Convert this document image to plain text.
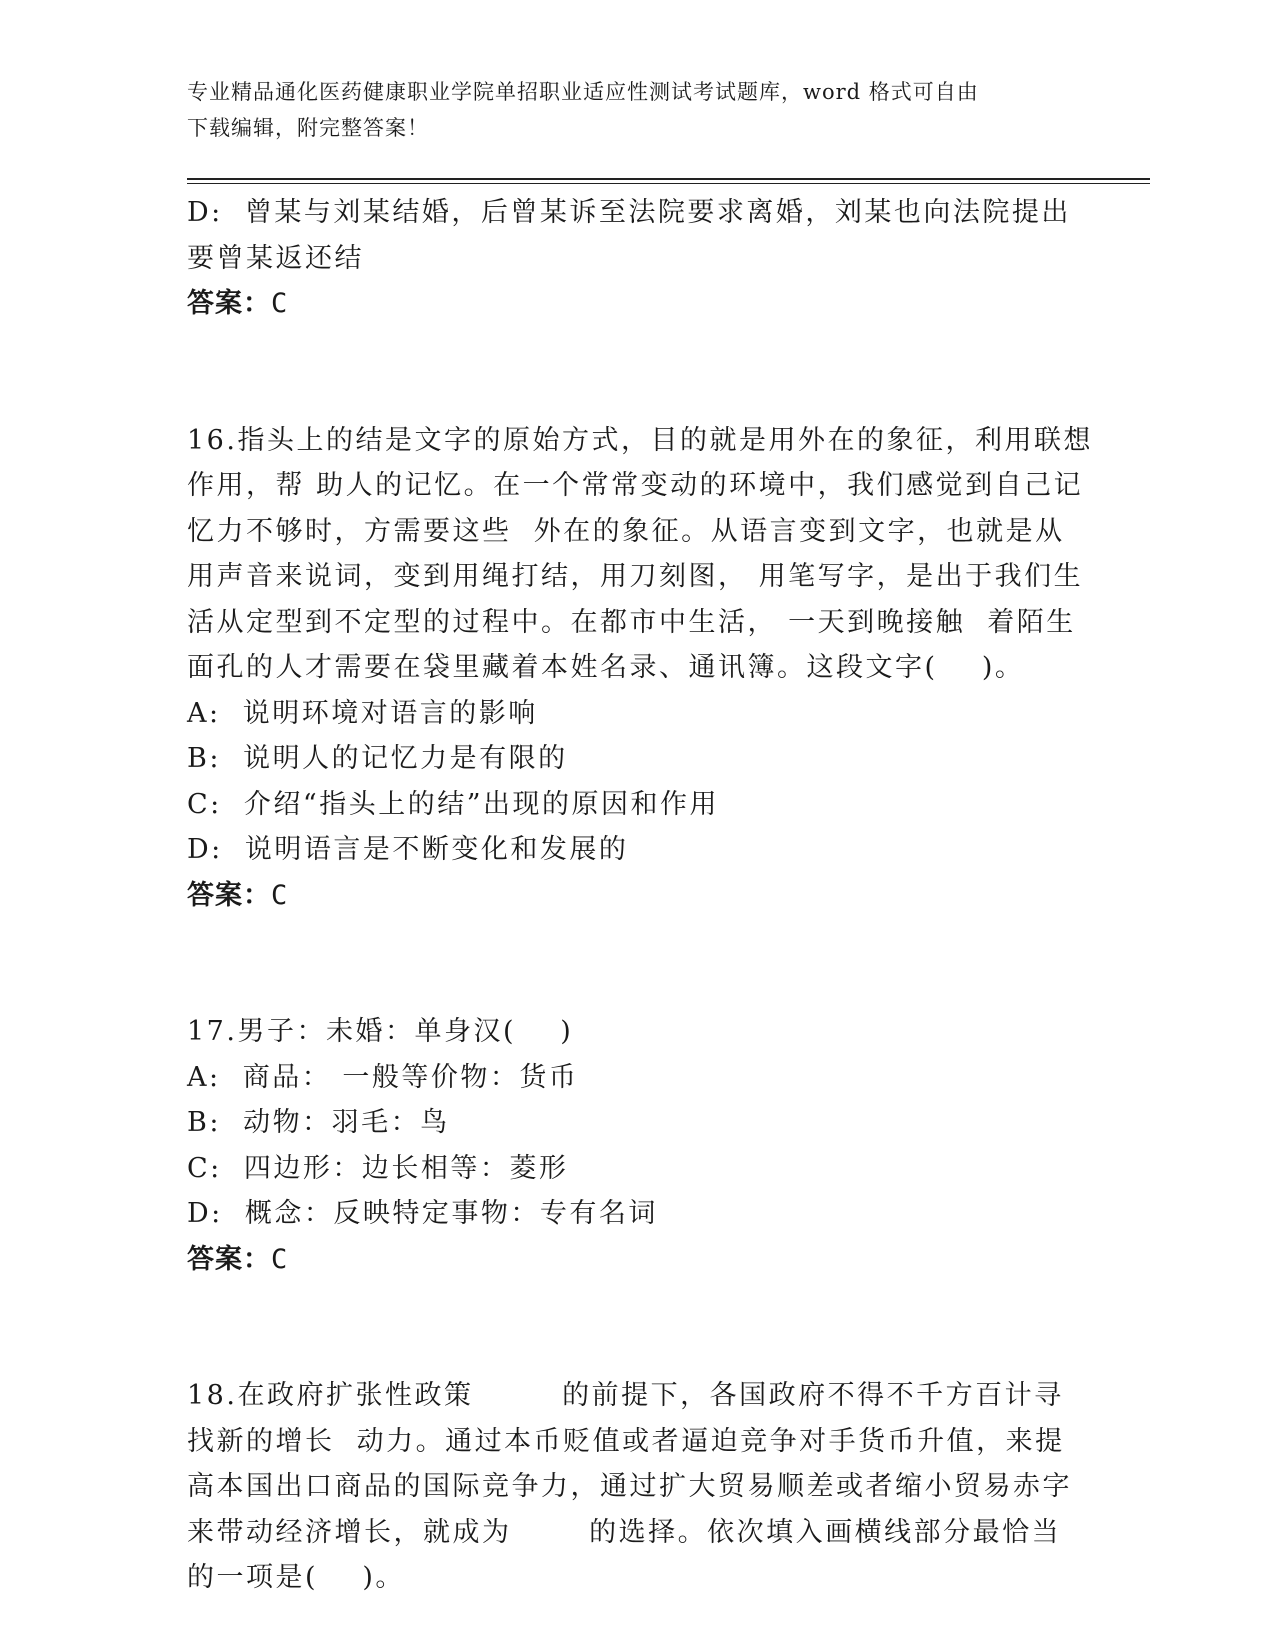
专业精品通化医药健康职业学院单招职业适应性测试考试题库，word 格式可自由
下载编辑，附完整答案！
D:  曾某与刘某结婚，后曾某诉至法院要求离婚，刘某也向法院提出
要曾某返还结
答案：C
16.指头上的结是文字的原始方式，目的就是用外在的象征，利用联想
作用，帮 助人的记忆。在一个常常变动的环境中，我们感觉到自己记
忆力不够时，方需要这些  外在的象征。从语言变到文字，也就是从
用声音来说词，变到用绳打结，用刀刻图， 用笔写字，是出于我们生
活从定型到不定型的过程中。在都市中生活， 一天到晚接触  着陌生
面孔的人才需要在袋里藏着本姓名录、通讯簿。这段文字(    )。
A:  说明环境对语言的影响
B:  说明人的记忆力是有限的
C:  介绍“指头上的结”出现的原因和作用
D:  说明语言是不断变化和发展的
答案：C
17.男子：未婚：单身汉(    )
A:  商品： 一般等价物：货币
B:  动物：羽毛：鸟
C:  四边形：边长相等：菱形
D:  概念：反映特定事物：专有名词
答案：C
18.在政府扩张性政策        的前提下，各国政府不得不千方百计寻
找新的增长  动力。通过本币贬值或者逼迫竞争对手货币升值，来提
高本国出口商品的国际竞争力，通过扩大贸易顺差或者缩小贸易赤字
来带动经济增长，就成为       的选择。依次填入画横线部分最恰当
的一项是(    )。
